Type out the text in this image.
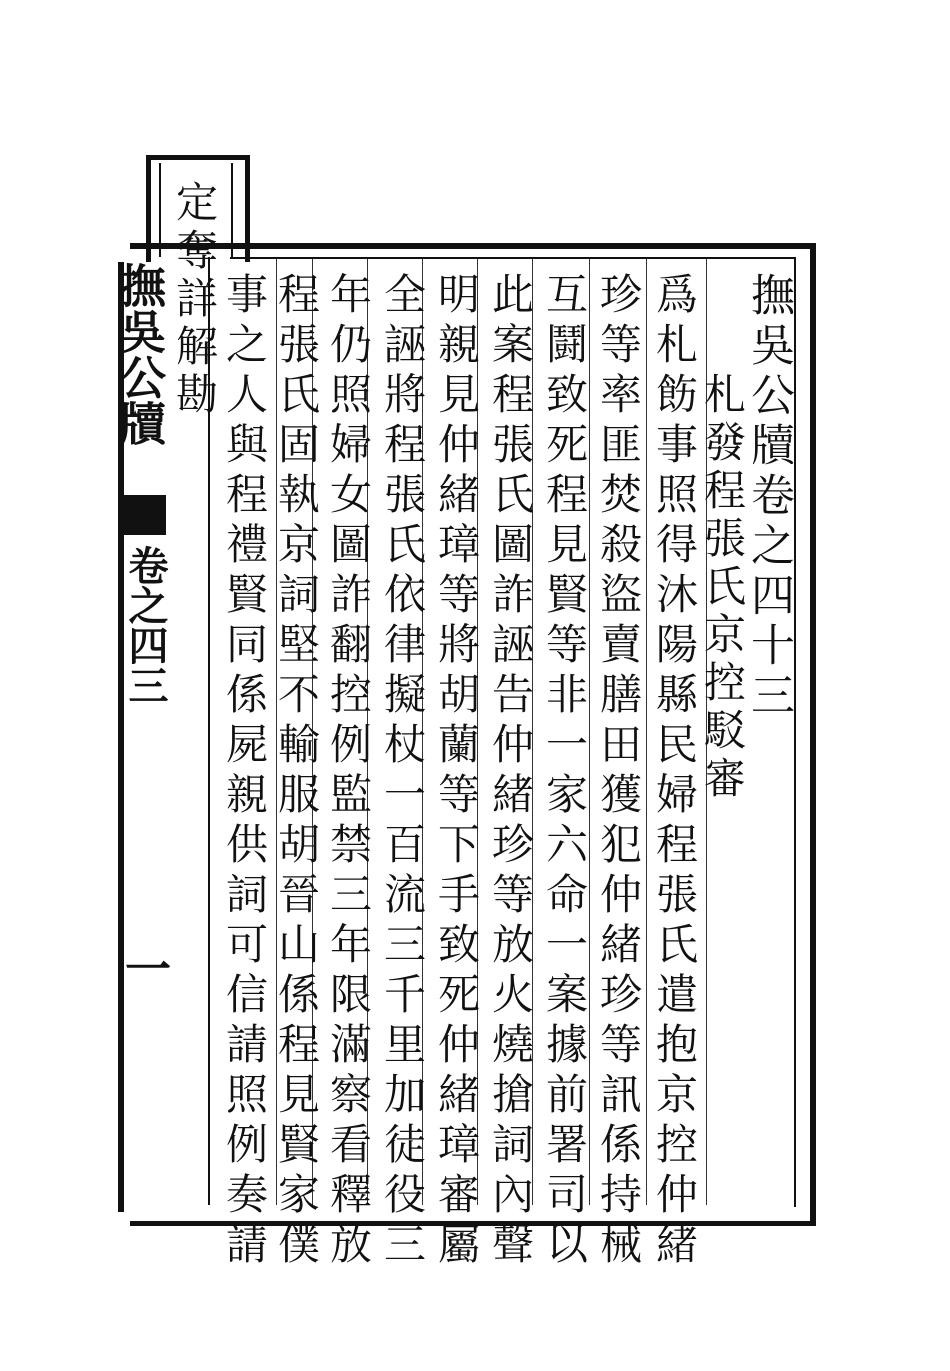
定奪詳解勘
撫吳公牘
卷之四三
一
撫吳公牘卷之四十三
札發程張氏京控駁審
爲札飭事照得沐陽縣民婦程張氏遣抱京控仲緒
珍等率匪焚殺盜賣膳田獲犯仲緒珍等訊係持械
互鬪致死程見賢等非一家六命一案據前署司以
此案程張氏圖詐誣告仲緒珍等放火燒搶詞內聲
明親見仲緒璋等將胡蘭等下手致死仲緒璋審屬
全誣將程張氏依律擬杖一百流三千里加徒役三
年仍照婦女圖詐翻控例監禁三年限滿察看釋放
程張氏固執京詞堅不輸服胡晉山係程見賢家僕
事之人與程禮賢同係屍親供詞可信請照例奏請
